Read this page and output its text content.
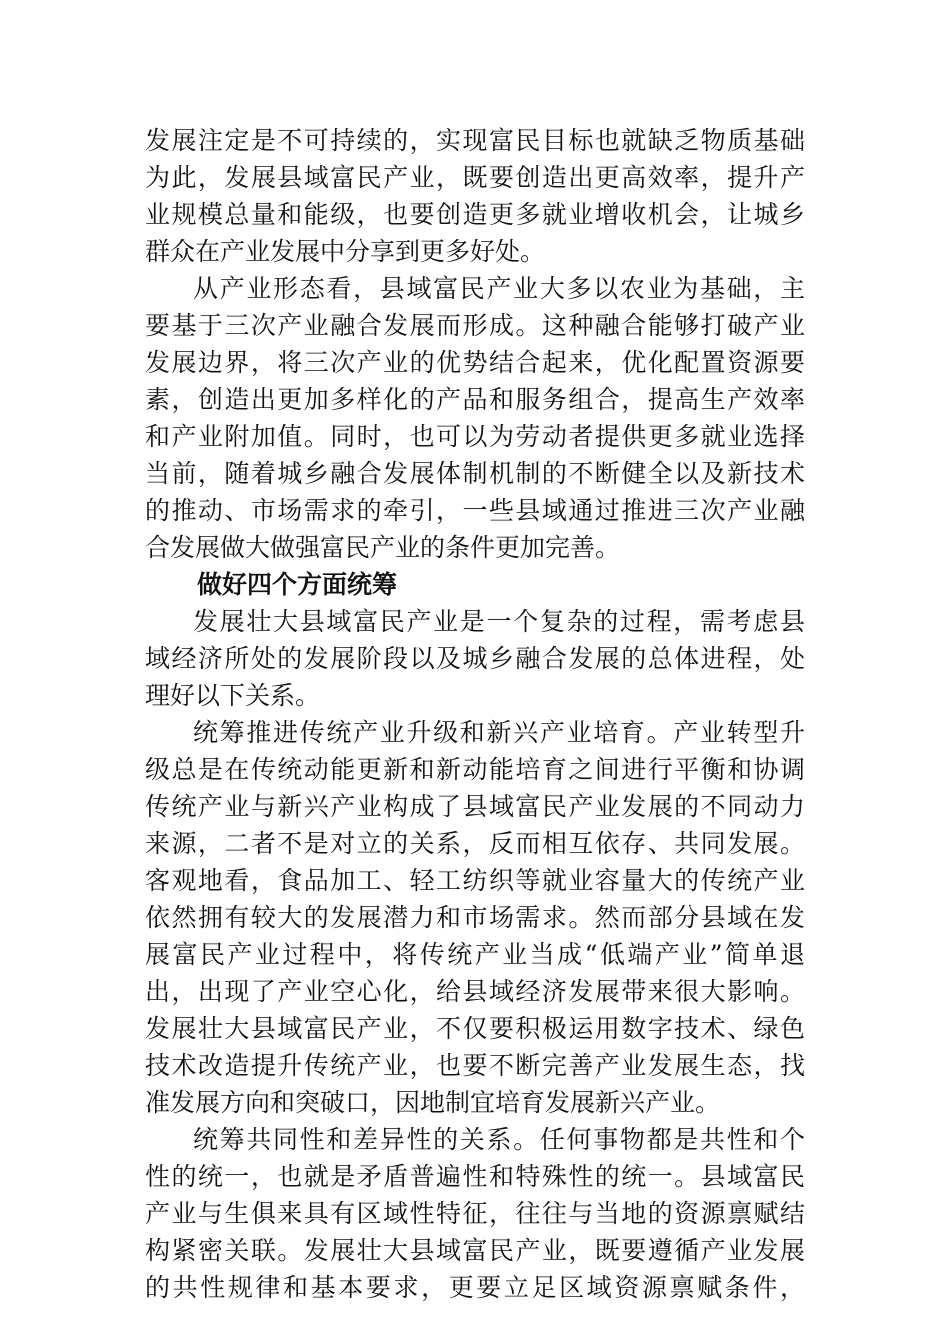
发展注定是不可持续的，实现富民目标也就缺乏物质基础
为此，发展县域富民产业，既要创造出更高效率，提升产
业规模总量和能级，也要创造更多就业增收机会，让城乡
群众在产业发展中分享到更多好处。
从产业形态看，县域富民产业大多以农业为基础，主
要基于三次产业融合发展而形成。这种融合能够打破产业
发展边界，将三次产业的优势结合起来，优化配置资源要
素，创造出更加多样化的产品和服务组合，提高生产效率
和产业附加值。同时，也可以为劳动者提供更多就业选择
当前，随着城乡融合发展体制机制的不断健全以及新技术
的推动、市场需求的牵引，一些县域通过推进三次产业融
合发展做大做强富民产业的条件更加完善。
做好四个方面统筹
发展壮大县域富民产业是一个复杂的过程，需考虑县
域经济所处的发展阶段以及城乡融合发展的总体进程，处
理好以下关系。
统筹推进传统产业升级和新兴产业培育。产业转型升
级总是在传统动能更新和新动能培育之间进行平衡和协调
传统产业与新兴产业构成了县域富民产业发展的不同动力
来源，二者不是对立的关系，反而相互依存、共同发展。
客观地看，食品加工、轻工纺织等就业容量大的传统产业
依然拥有较大的发展潜力和市场需求。然而部分县域在发
展富民产业过程中，将传统产业当成“低端产业”简单退
出，出现了产业空心化，给县域经济发展带来很大影响。
发展壮大县域富民产业，不仅要积极运用数字技术、绿色
技术改造提升传统产业，也要不断完善产业发展生态，找
准发展方向和突破口，因地制宜培育发展新兴产业。
统筹共同性和差异性的关系。任何事物都是共性和个
性的统一，也就是矛盾普遍性和特殊性的统一。县域富民
产业与生俱来具有区域性特征，往往与当地的资源禀赋结
构紧密关联。发展壮大县域富民产业，既要遵循产业发展
的共性规律和基本要求，更要立足区域资源禀赋条件，
